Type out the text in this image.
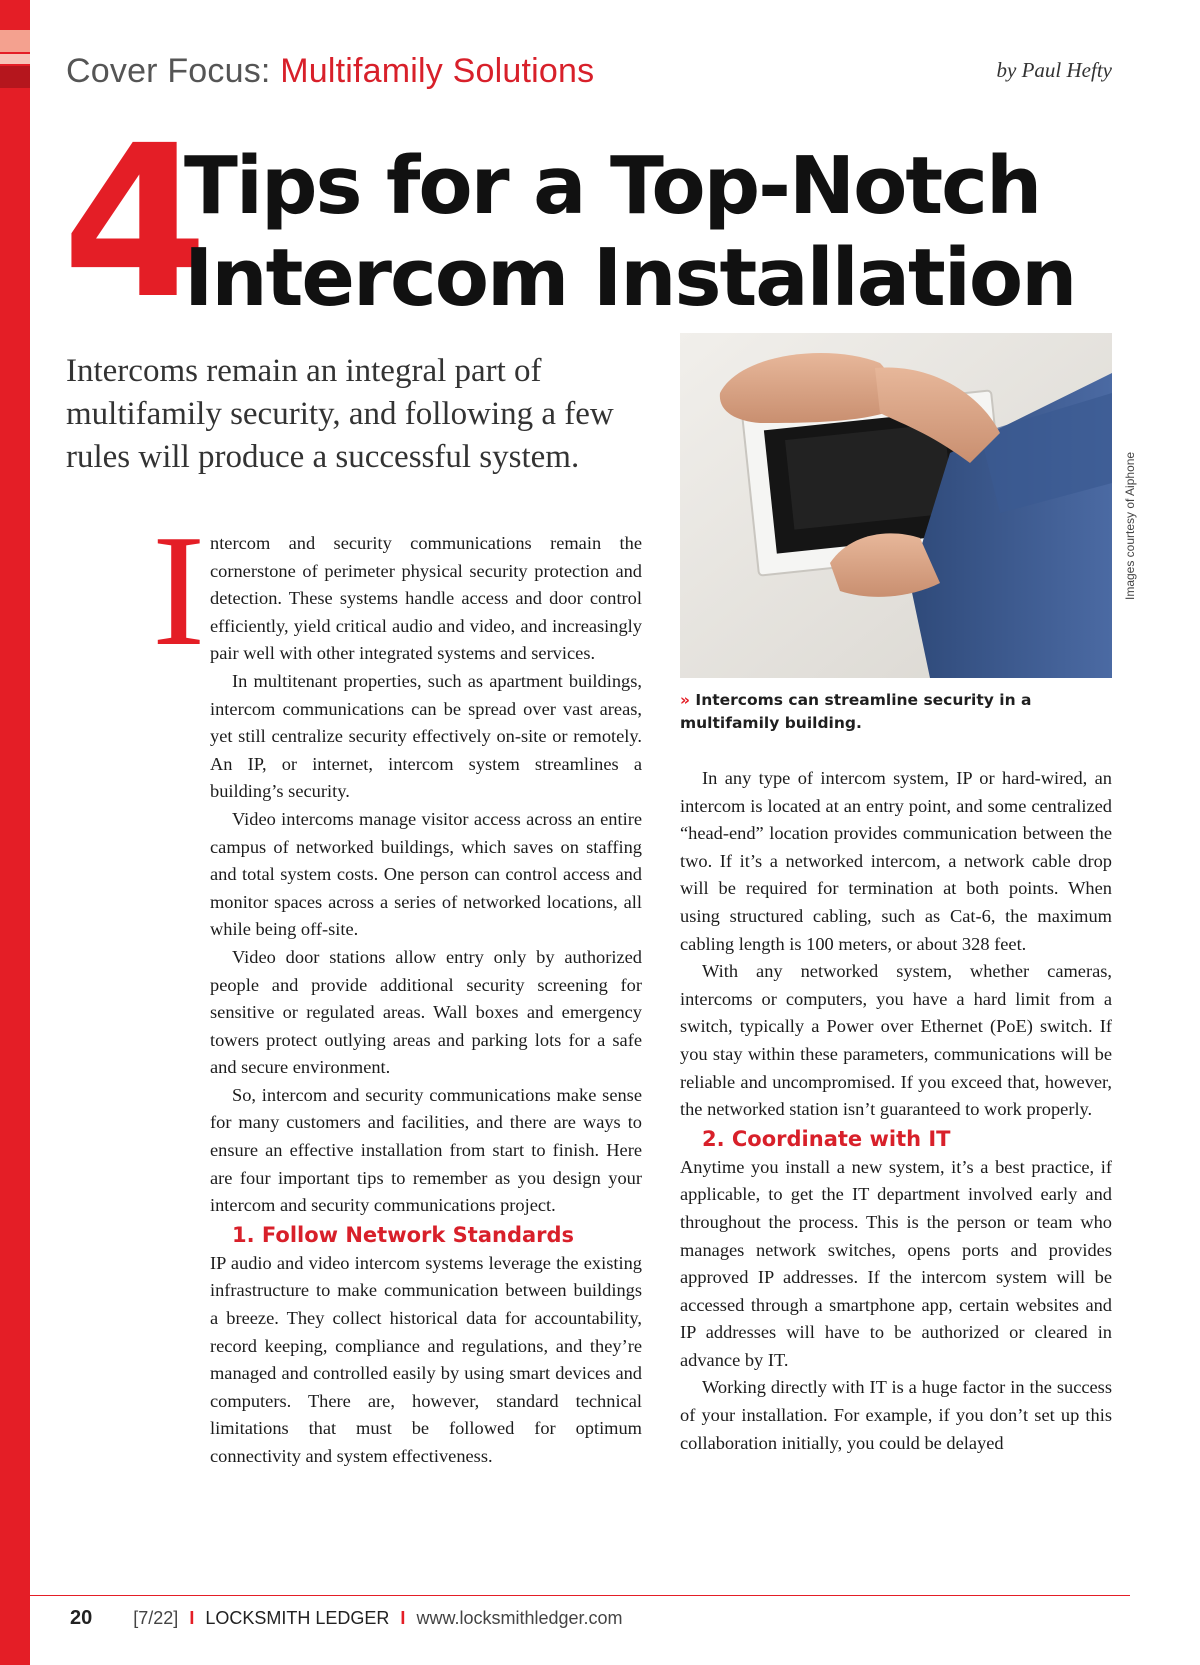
Cover Focus: Multifamily Solutions	by Paul Hefty
4
Tips for a Top-Notch
Intercom Installation
Intercoms remain an integral part of multifamily security, and following a few rules will produce a successful system.
I ntercom and security communications remain the cornerstone of perimeter physical security protection and detection. These systems handle access and door control efficiently, yield critical audio and video, and increasingly pair well with other integrated systems and services.

In multitenant properties, such as apartment buildings, intercom communications can be spread over vast areas, yet still centralize security effectively on-site or remotely. An IP, or internet, intercom system streamlines a building’s security.

Video intercoms manage visitor access across an entire campus of networked buildings, which saves on staffing and total system costs. One person can control access and monitor spaces across a series of networked locations, all while being off-site.

Video door stations allow entry only by authorized people and provide additional security screening for sensitive or regulated areas. Wall boxes and emergency towers protect outlying areas and parking lots for a safe and secure environment.

So, intercom and security communications make sense for many customers and facilities, and there are ways to ensure an effective installation from start to finish. Here are four important tips to remember as you design your intercom and security communications project.

1. Follow Network Standards

IP audio and video intercom systems leverage the existing infrastructure to make communication between buildings a breeze. They collect historical data for accountability, record keeping, compliance and regulations, and they’re managed and controlled easily by using smart devices and computers. There are, however, standard technical limitations that must be followed for optimum connectivity and system effectiveness.

» Intercoms can streamline security in a multifamily building.
Images courtesy of Aiphone

In any type of intercom system, IP or hard-wired, an intercom is located at an entry point, and some centralized “head-end” location provides communication between the two. If it’s a networked intercom, a network cable drop will be required for termination at both points. When using structured cabling, such as Cat-6, the maximum cabling length is 100 meters, or about 328 feet.

With any networked system, whether cameras, intercoms or computers, you have a hard limit from a switch, typically a Power over Ethernet (PoE) switch. If you stay within these parameters, communications will be reliable and uncompromised. If you exceed that, however, the networked station isn’t guaranteed to work properly.

2. Coordinate with IT

Anytime you install a new system, it’s a best practice, if applicable, to get the IT department involved early and throughout the process. This is the person or team who manages network switches, opens ports and provides approved IP addresses. If the intercom system will be accessed through a smartphone app, certain websites and IP addresses will have to be authorized or cleared in advance by IT.

Working directly with IT is a huge factor in the success of your installation. For example, if you don’t set up this collaboration initially, you could be delayed

20 [7/22] I LOCKSMITH LEDGER I www.locksmithledger.com
